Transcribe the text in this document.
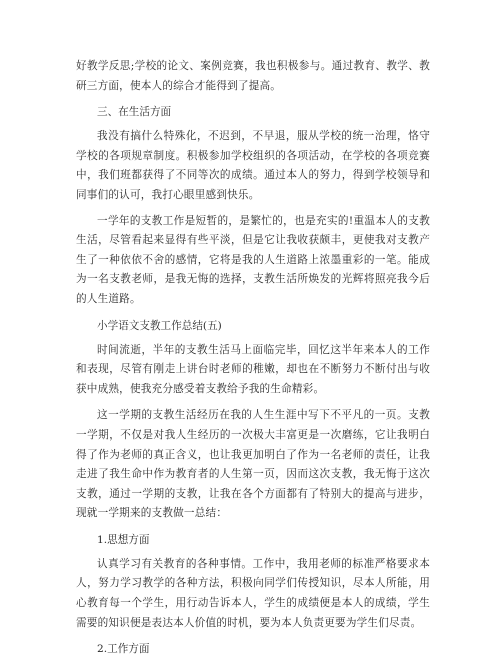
好教学反思;学校的论文、案例竞赛，我也积极参与。通过教育、教学、教研三方面，使本人的综合才能得到了提高。

三、在生活方面

我没有搞什么特殊化，不迟到，不早退，服从学校的统一治理，恪守学校的各项规章制度。积极参加学校组织的各项活动，在学校的各项竞赛中，我们班都获得了不同等次的成绩。通过本人的努力，得到学校领导和同事们的认可，我打心眼里感到快乐。

一学年的支教工作是短暂的，是繁忙的，也是充实的!重温本人的支教生活，尽管看起来显得有些平淡，但是它让我收获颇丰，更使我对支教产生了一种依依不舍的感情，它将是我的人生道路上浓墨重彩的一笔。能成为一名支教老师，是我无悔的选择，支教生活所焕发的光辉将照亮我今后的人生道路。

小学语文支教工作总结(五)

时间流逝，半年的支教生活马上面临完毕，回忆这半年来本人的工作和表现，尽管有刚走上讲台时老师的稚嫩，却也在不断努力不断付出与收获中成熟，使我充分感受着支教给予我的生命精彩。

这一学期的支教生活经历在我的人生生涯中写下不平凡的一页。支教一学期，不仅是对我人生经历的一次极大丰富更是一次磨练，它让我明白得了作为老师的真正含义，也让我更加明白了作为一名老师的责任，让我走进了我生命中作为教育者的人生第一页，因而这次支教，我无悔于这次支教，通过一学期的支教，让我在各个方面都有了特别大的提高与进步，现就一学期来的支教做一总结：

1.思想方面

认真学习有关教育的各种事情。工作中，我用老师的标准严格要求本人，努力学习教学的各种方法，积极向同学们传授知识，尽本人所能，用心教育每一个学生，用行动告诉本人，学生的成绩便是本人的成绩，学生需要的知识便是表达本人价值的时机，要为本人负责更要为学生们尽责。

2.工作方面
